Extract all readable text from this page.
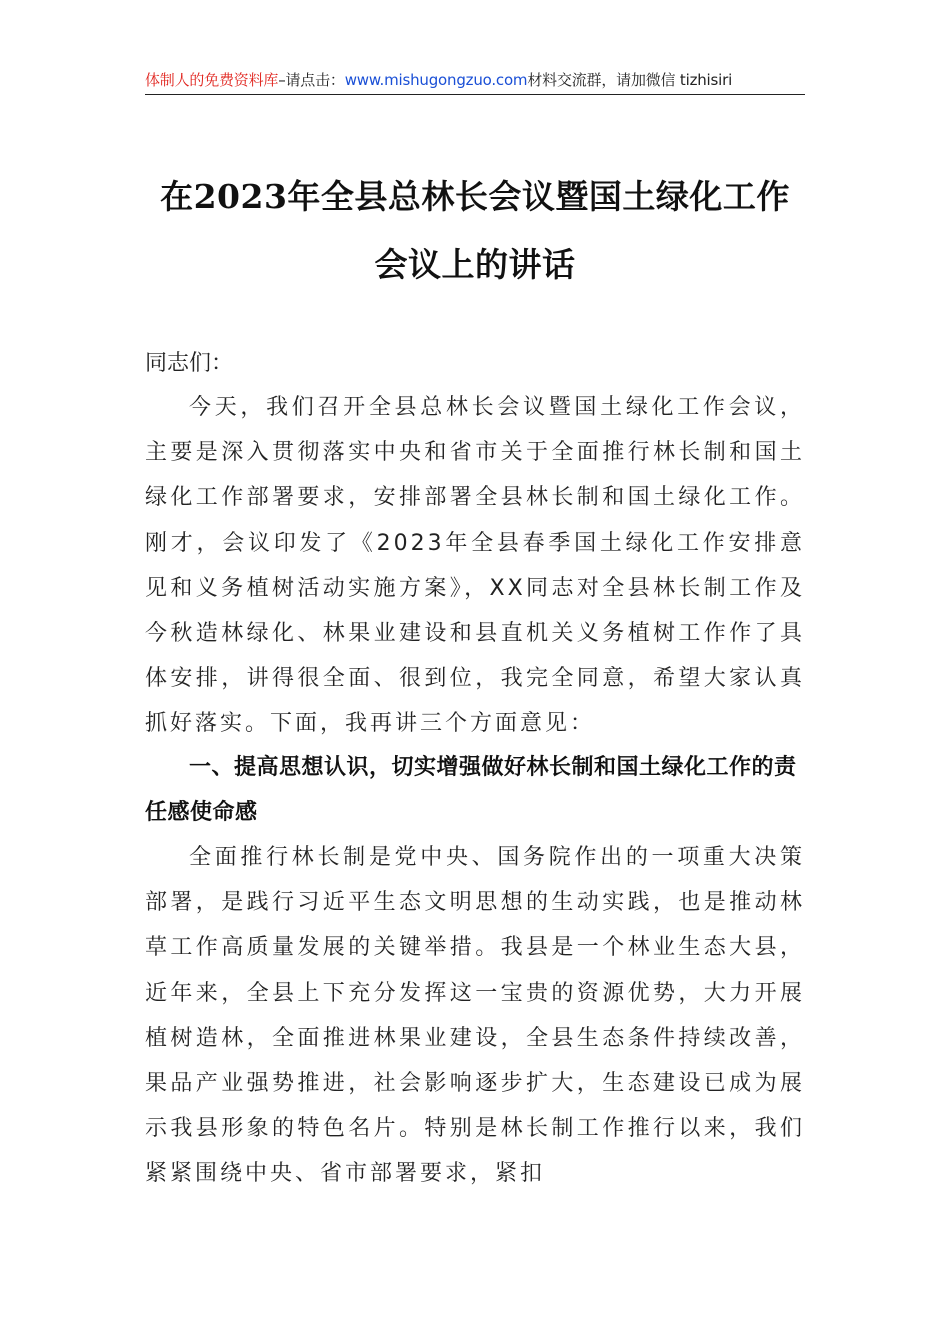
体制人的免费资料库–请点击：www.mishugongzuo.com材料交流群，请加微信 tizhisiri
在2023年全县总林长会议暨国土绿化工作
会议上的讲话
同志们：

今天，我们召开全县总林长会议暨国土绿化工作会议，主要是深入贯彻落实中央和省市关于全面推行林长制和国土绿化工作部署要求，安排部署全县林长制和国土绿化工作。刚才，会议印发了《2023年全县春季国土绿化工作安排意见和义务植树活动实施方案》，XX同志对全县林长制工作及今秋造林绿化、林果业建设和县直机关义务植树工作作了具体安排，讲得很全面、很到位，我完全同意，希望大家认真抓好落实。下面，我再讲三个方面意见：

一、提高思想认识，切实增强做好林长制和国土绿化工作的责任感使命感

全面推行林长制是党中央、国务院作出的一项重大决策部署，是践行习近平生态文明思想的生动实践，也是推动林草工作高质量发展的关键举措。我县是一个林业生态大县，近年来，全县上下充分发挥这一宝贵的资源优势，大力开展植树造林，全面推进林果业建设，全县生态条件持续改善，果品产业强势推进，社会影响逐步扩大，生态建设已成为展示我县形象的特色名片。特别是林长制工作推行以来，我们紧紧围绕中央、省市部署要求，紧扣
